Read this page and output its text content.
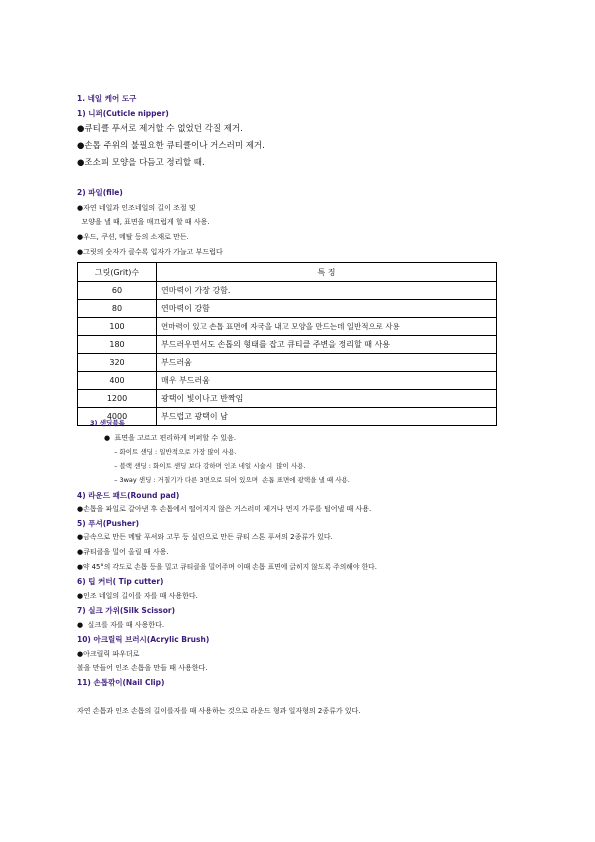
1. 네일 케어 도구
1) 니퍼(Cuticle nipper)
●큐티클 푸셔로 제거할 수 없었던 각질 제거.
●손톱 주위의 불필요한 큐티클이나 거스러미 제거.
●조소피 모양을 다듬고 정리할 때.
2) 파일(file)
●자연 네일과 인조네일의 길이 조절 및
모양을 낼 때, 표면을 매끄럽게 할 때 사용.
●우드, 쿠션, 메탈 등의 소재로 만든.
●그릿의 숫자가 클수록 입자가 가늘고 부드럽다
그릿(Grit)수	특 징
60	연마력이 가장 강함.
80	연마력이 강함
100	연마력이 있고 손톱 표면에 자국을 내고 모양을 만드는데 일반적으로 사용
180	부드러우면서도 손톱의 형태를 잡고 큐티클 주변을 정리할 때 사용
320	부드러움
400	매우 부드러움
1200	광택이 빛이나고 반짝임
4000	부드럽고 광택이 남
3) 샌딩블록
●  표면을 고르고 편리하게 버퍼할 수 있음.
– 화이트 샌딩 : 일반적으로 가장 많이 사용.
– 블랙 샌딩 : 화이트 샌딩 보다 강하며 인조 네일 시술시  많이 사용.
– 3way 샌딩 : 거칠기가 다른 3면으로 되어 있으며  손톱 표면에 광택을 낼 때 사용.
4) 라운드 패드(Round pad)
●손톱을 파일로 갈아낸 후 손톱에서 떨어지지 않은 거스러미 제거나 먼지 가루를 털어낼 때 사용.
5) 푸셔(Pusher)
●금속으로 만든 메탈 푸셔와 고무 등 실린으로 만든 큐티 스톤 푸셔의 2종류가 있다.
●큐티클을 밀어 올릴 때 사용.
●약 45°의 각도로 손톱 등을 밀고 큐티클을 밀어주며 이때 손톱 표면에 긁히지 않도록 주의해야 한다.
6) 팁 커터( Tip cutter)
●인조 네일의 길이를 자를 때 사용한다.
7) 실크 가위(Silk Scissor)
●  실크를 자를 때 사용한다.
10) 아크릴릭 브러시(Acrylic Brush)
●아크릴릭 파우더로
볼을 만들어 인조 손톱을 만들 때 사용한다.
11) 손톱깎이(Nail Clip)
자연 손톱과 인조 손톱의 길이를자를 때 사용하는 것으로 라운드 형과 일자형의 2종류가 있다.
